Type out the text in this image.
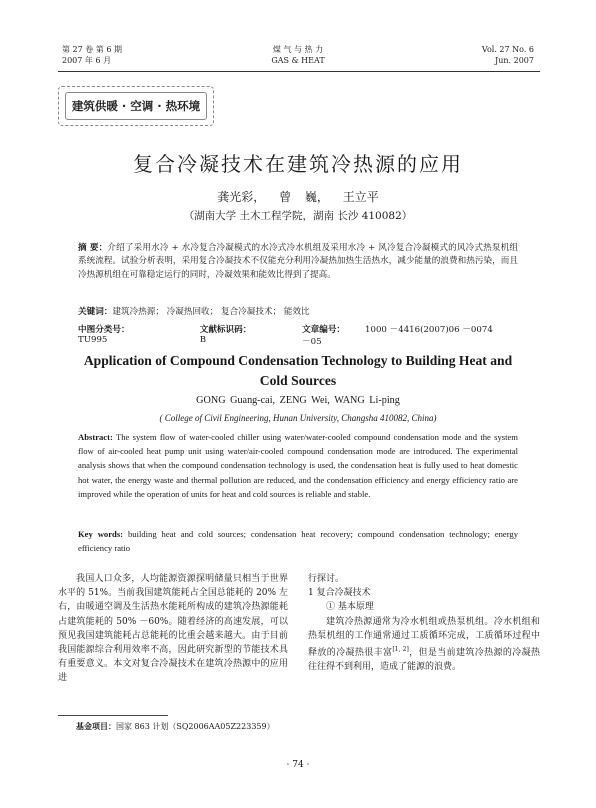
第 27 卷 第 6 期
2007 年 6 月
煤 气 与 热 力
GAS & HEAT
Vol. 27 No. 6
Jun. 2007
建筑供暖 · 空调 · 热环境
复合冷凝技术在建筑冷热源的应用
龚光彩， 曾 巍， 王立平
（湖南大学 土木工程学院，湖南 长沙 410082）
摘 要：介绍了采用水冷 + 水冷复合冷凝模式的水冷式冷水机组及采用水冷 + 风冷复合冷凝模式的风冷式热泵机组系统流程。试验分析表明，采用复合冷凝技术不仅能充分利用冷凝热加热生活热水，减少能量的浪费和热污染，而且冷热源机组在可靠稳定运行的同时，冷凝效果和能效比得到了提高。
关键词：建筑冷热源； 冷凝热回收； 复合冷凝技术； 能效比
中图分类号：TU995
文献标识码：B
文章编号： 1000 －4416(2007)06 －0074 －05
Application of Compound Condensation Technology to Building Heat and Cold Sources
GONG Guang-cai, ZENG Wei, WANG Li-ping
( College of Civil Engineering, Hunan University, Changsha 410082, China)
Abstract: The system flow of water-cooled chiller using water/water-cooled compound condensation mode and the system flow of air-cooled heat pump unit using water/air-cooled compound condensation mode are introduced. The experimental analysis shows that when the compound condensation technology is used, the condensation heat is fully used to heat domestic hot water, the energy waste and thermal pollution are reduced, and the condensation efficiency and energy efficiency ratio are improved while the operation of units for heat and cold sources is reliable and stable.
Key words: building heat and cold sources; condensation heat recovery; compound condensation technology; energy efficiency ratio
我国人口众多，人均能源资源探明储量只相当于世界水平的 51%。当前我国建筑能耗占全国总能耗的 20% 左右，由暖通空调及生活热水能耗所构成的建筑冷热源能耗占建筑能耗的 50% －60%。随着经济的高速发展，可以预见我国建筑能耗占总能耗的比重会越来越大。由于目前我国能源综合利用效率不高，因此研究新型的节能技术具有重要意义。本文对复合冷凝技术在建筑冷热源中的应用进

行探讨。

1 复合冷凝技术

① 基本原理

建筑冷热源通常为冷水机组或热泵机组。冷水机组和热泵机组的工作通常通过工质循环完成，工质循环过程中释放的冷凝热很丰富[1, 2]，但是当前建筑冷热源的冷凝热往往得不到利用，造成了能源的浪费。

基金项目：国家 863 计划（SQ2006AA05Z223359）
· 74 ·
